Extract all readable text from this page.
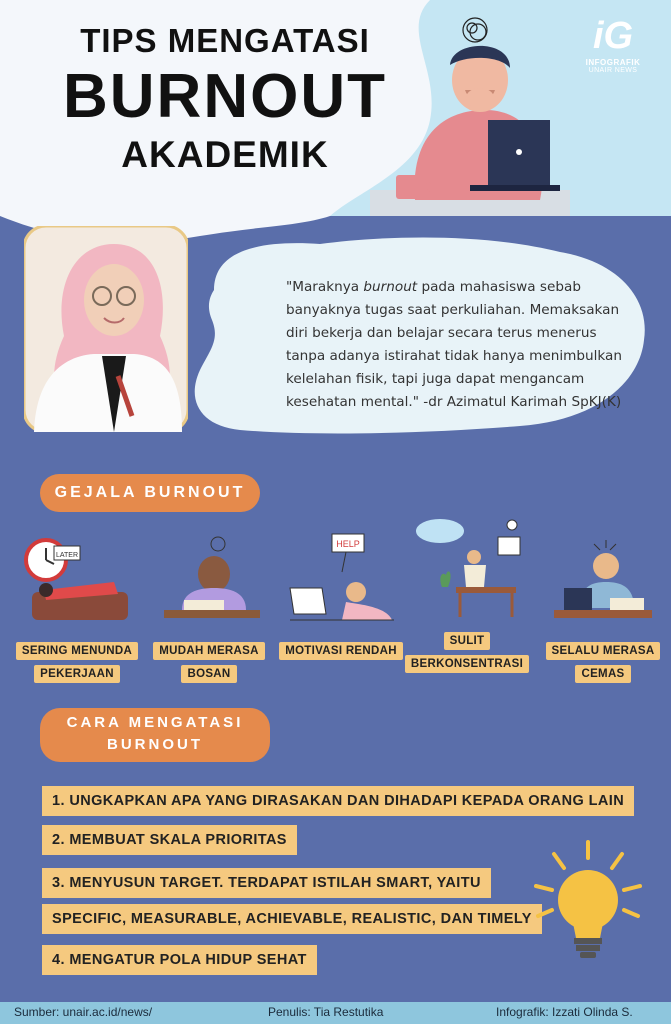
TIPS MENGATASI
BURNOUT
AKADEMIK
iG
INFOGRAFIK
UNAIR NEWS
"Maraknya burnout pada mahasiswa sebab banyaknya tugas saat perkuliahan. Memaksakan diri bekerja dan belajar secara terus menerus tanpa adanya istirahat tidak hanya menimbulkan kelelahan fisik, tapi juga dapat mengancam kesehatan mental." -dr Azimatul Karimah SpKJ(K)
GEJALA BURNOUT
LATER
SERING MENUNDA
PEKERJAAN
MUDAH MERASA
BOSAN
HELP
MOTIVASI RENDAH
SULIT
BERKONSENTRASI
SELALU MERASA
CEMAS
CARA MENGATASI
BURNOUT
1. UNGKAPKAN APA YANG DIRASAKAN DAN DIHADAPI KEPADA ORANG LAIN
2. MEMBUAT SKALA PRIORITAS
3. MENYUSUN TARGET. TERDAPAT ISTILAH SMART, YAITU
SPECIFIC, MEASURABLE, ACHIEVABLE, REALISTIC, DAN TIMELY
4. MENGATUR POLA HIDUP SEHAT
Sumber: unair.ac.id/news/	Penulis: Tia Restutika	Infografik: Izzati Olinda S.
